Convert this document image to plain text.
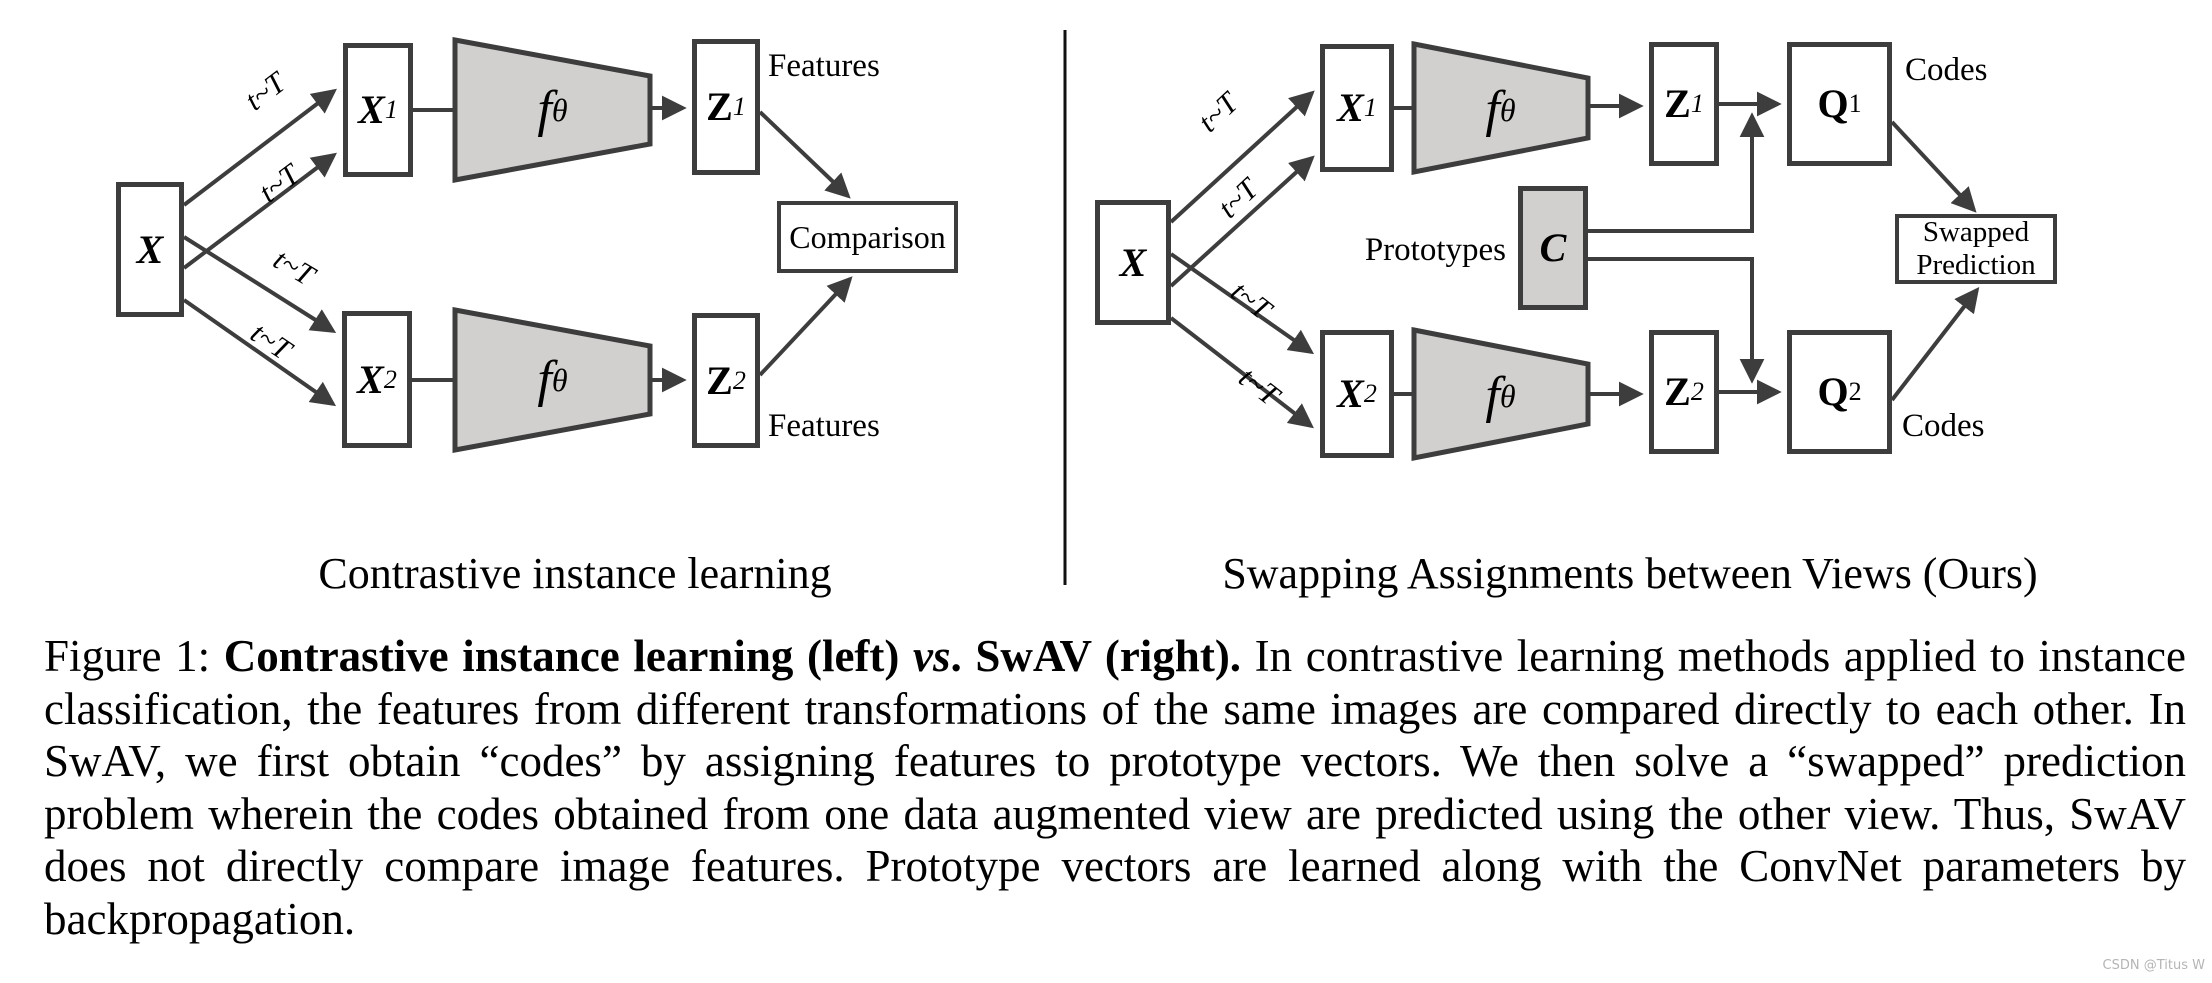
X
X 1
X 2
f θ
f θ
Z 1
Z 2
Comparison
Features
Features
t~T
t~T
t~T
t~T
Contrastive instance learning
X
X 1
X 2
f θ
f θ
C
Prototypes
Z 1
Z 2
Q 1
Q 2
Swapped
Prediction
Codes
Codes
t~T
t~T
t~T
t~T
Swapping Assignments between Views (Ours)
Figure 1: Contrastive instance learning (left) vs. SwAV (right). In contrastive learning methods applied to instance classification, the features from different transformations of the same images are compared directly to each other. In SwAV, we first obtain “codes” by assigning features to prototype vectors. We then solve a “swapped” prediction problem wherein the codes obtained from one data augmented view are predicted using the other view. Thus, SwAV does not directly compare image features. Prototype vectors are learned along with the ConvNet parameters by backpropagation.
CSDN @Titus W
